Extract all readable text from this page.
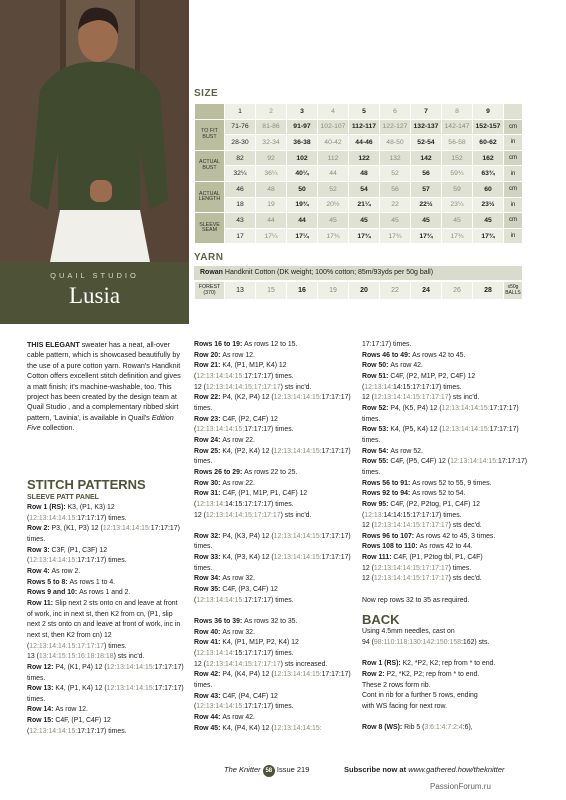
QUAIL STUDIO
Lusia
SIZE
	1	2	3	4	5	6	7	8	9	
TO FIT BUST	71-76	81-86	91-97	102-107	112-117	122-127	132-137	142-147	152-157	cm
	28-30	32-34	36-38	40-42	44-46	48-50	52-54	56-58	60-62	in
ACTUAL BUST	82	92	102	112	122	132	142	152	162	cm
	32¼	36¼	40¼	44	48	52	56	59¾	63¾	in
ACTUAL LENGTH	46	48	50	52	54	56	57	59	60	cm
	18	19	19¾	20½	21¼	22	22½	23¼	23½	in
SLEEVE SEAM	43	44	44	45	45	45	45	45	45	cm
	17	17¼	17¼	17¾	17¾	17¾	17¾	17¾	17¾	in
YARN
Rowan Handknit Cotton (DK weight; 100% cotton; 85m/93yds per 50g ball)
FOREST (370)	13	15	16	19	20	22	24	26	28	x50g BALLS

THIS ELEGANT sweater has a neat, all-over cable pattern, which is showcased beautifully by the use of a pure cotton yarn. Rowan's Handknit Cotton offers excellent stitch definition and gives a matt finish; it's machine-washable, too. This project has been created by the design team at Quail Studio , and a complementary ribbed skirt pattern, 'Lavinia', is available in Quail's Edition Five collection.

STITCH PATTERNS
SLEEVE PATT PANEL

Row 1 (RS): K3, (P1, K3) 12 (12:13:14:14:15:17:17:17) times.

Row 2: P3, (K1, P3) 12 (12:13:14:14:15:17:17:17) times.

Row 3: C3F, (P1, C3F) 12 (12:13:14:14:15:17:17:17) times.

Row 4: As row 2.

Rows 5 to 8: As rows 1 to 4.

Rows 9 and 10: As rows 1 and 2.

Row 11: Slip next 2 sts onto cn and leave at front of work, inc in next st, then K2 from cn, (P1, slip next 2 sts onto cn and leave at front of work, inc in next st, then K2 from cn) 12 (12:13:14:14:15:17:17:17) times.

13 (13:14:15:15:16:18:18:18) sts inc'd.

Row 12: P4, (K1, P4) 12 (12:13:14:14:15:17:17:17) times.

Row 13: K4, (P1, K4) 12 (12:13:14:14:15:17:17:17) times.

Row 14: As row 12.

Row 15: C4F, (P1, C4F) 12 (12:13:14:14:15:17:17:17) times.

Rows 16 to 19: As rows 12 to 15.

Row 20: As row 12.

Row 21: K4, (P1, M1P, K4) 12 (12:13:14:14:15:17:17:17) times.

12 (12:13:14:14:15:17:17:17) sts inc'd.

Row 22: P4, (K2, P4) 12 (12:13:14:14:15:17:17:17) times.

Row 23: C4F, (P2, C4F) 12 (12:13:14:14:15:17:17:17) times.

Row 24: As row 22.

Row 25: K4, (P2, K4) 12 (12:13:14:14:15:17:17:17) times.

Rows 26 to 29: As rows 22 to 25.

Row 30: As row 22.

Row 31: C4F, (P1, M1P, P1, C4F) 12 (12:13:14:14:15:17:17:17) times.

12 (12:13:14:14:15:17:17:17) sts inc'd.

Row 32: P4, (K3, P4) 12 (12:13:14:14:15:17:17:17) times.

Row 33: K4, (P3, K4) 12 (12:13:14:14:15:17:17:17) times.

Row 34: As row 32.

Row 35: C4F, (P3, C4F) 12 (12:13:14:14:15:17:17:17) times.

Rows 36 to 39: As rows 32 to 35.

Row 40: As row 32.

Row 41: K4, (P1, M1P, P2, K4) 12 (12:13:14:14:15:17:17:17) times.

12 (12:13:14:14:15:17:17:17) sts increased.

Row 42: P4, (K4, P4) 12 (12:13:14:14:15:17:17:17) times.

Row 43: C4F, (P4, C4F) 12 (12:13:14:14:15:17:17:17) times.

Row 44: As row 42.

Row 45: K4, (P4, K4) 12 (12:13:14:14:15:

17:17:17) times.

Rows 46 to 49: As rows 42 to 45.

Row 50: As row 42.

Row 51: C4F, (P2, M1P, P2, C4F) 12 (12:13:14:14:15:17:17:17) times.

12 (12:13:14:14:15:17:17:17) sts inc'd.

Row 52: P4, (K5, P4) 12 (12:13:14:14:15:17:17:17) times.

Row 53: K4, (P5, K4) 12 (12:13:14:14:15:17:17:17) times.

Row 54: As row 52.

Row 55: C4F, (P5, C4F) 12 (12:13:14:14:15:17:17:17) times.

Rows 56 to 91: As rows 52 to 55, 9 times.

Rows 92 to 94: As rows 52 to 54.

Row 95: C4F, (P2, P2tog, P1, C4F) 12 (12:13:14:14:15:17:17:17) times.

12 (12:13:14:14:15:17:17:17) sts dec'd.

Rows 96 to 107: As rows 42 to 45, 3 times.

Rows 108 to 110: As rows 42 to 44.

Row 111: C4F, (P1, P2tog tbl, P1, C4F)

12 (12:13:14:14:15:17:17:17) times.

12 (12:13:14:14:15:17:17:17) sts dec'd.

Now rep rows 32 to 35 as required.

BACK

Using 4.5mm needles, cast on

94 (98:110:118:130:142:150:158:162) sts.

Row 1 (RS): K2, *P2, K2; rep from * to end.

Row 2: P2, *K2, P2; rep from * to end.

These 2 rows form rib.

Cont in rib for a further 5 rows, ending

with WS facing for next row.

Row 8 (WS): Rib 5 (3:6:1:4:7:2:4:6),

The Knitter 58 Issue 219	Subscribe now at www.gathered.how/theknitter
PassionForum.ru
